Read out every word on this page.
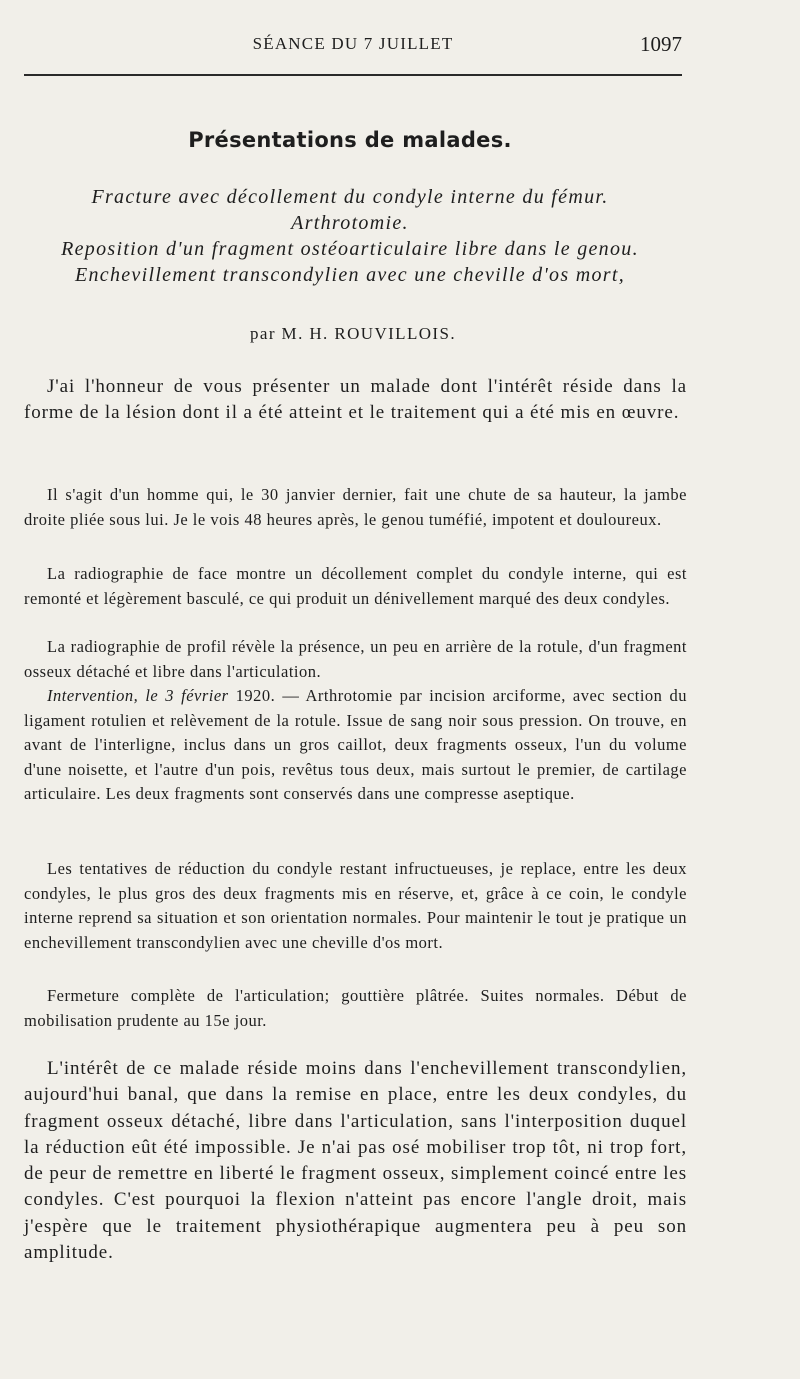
SÉANCE DU 7 JUILLET	1097
Présentations de malades.
Fracture avec décollement du condyle interne du fémur.
Arthrotomie.
Reposition d'un fragment ostéoarticulaire libre dans le genou.
Enchevillement transcondylien avec une cheville d'os mort,
par M. H. ROUVILLOIS.

J'ai l'honneur de vous présenter un malade dont l'intérêt réside dans la forme de la lésion dont il a été atteint et le traitement qui a été mis en œuvre.

Il s'agit d'un homme qui, le 30 janvier dernier, fait une chute de sa hauteur, la jambe droite pliée sous lui. Je le vois 48 heures après, le genou tuméfié, impotent et douloureux.

La radiographie de face montre un décollement complet du condyle interne, qui est remonté et légèrement basculé, ce qui produit un dénivellement marqué des deux condyles.

La radiographie de profil révèle la présence, un peu en arrière de la rotule, d'un fragment osseux détaché et libre dans l'articulation.

Intervention, le 3 février 1920. — Arthrotomie par incision arciforme, avec section du ligament rotulien et relèvement de la rotule. Issue de sang noir sous pression. On trouve, en avant de l'interligne, inclus dans un gros caillot, deux fragments osseux, l'un du volume d'une noisette, et l'autre d'un pois, revêtus tous deux, mais surtout le premier, de cartilage articulaire. Les deux fragments sont conservés dans une compresse aseptique.

Les tentatives de réduction du condyle restant infructueuses, je replace, entre les deux condyles, le plus gros des deux fragments mis en réserve, et, grâce à ce coin, le condyle interne reprend sa situation et son orientation normales. Pour maintenir le tout je pratique un enchevillement transcondylien avec une cheville d'os mort.

Fermeture complète de l'articulation; gouttière plâtrée. Suites normales. Début de mobilisation prudente au 15e jour.

L'intérêt de ce malade réside moins dans l'enchevillement transcondylien, aujourd'hui banal, que dans la remise en place, entre les deux condyles, du fragment osseux détaché, libre dans l'articulation, sans l'interposition duquel la réduction eût été impossible. Je n'ai pas osé mobiliser trop tôt, ni trop fort, de peur de remettre en liberté le fragment osseux, simplement coincé entre les condyles. C'est pourquoi la flexion n'atteint pas encore l'angle droit, mais j'espère que le traitement physiothérapique augmentera peu à peu son amplitude.
